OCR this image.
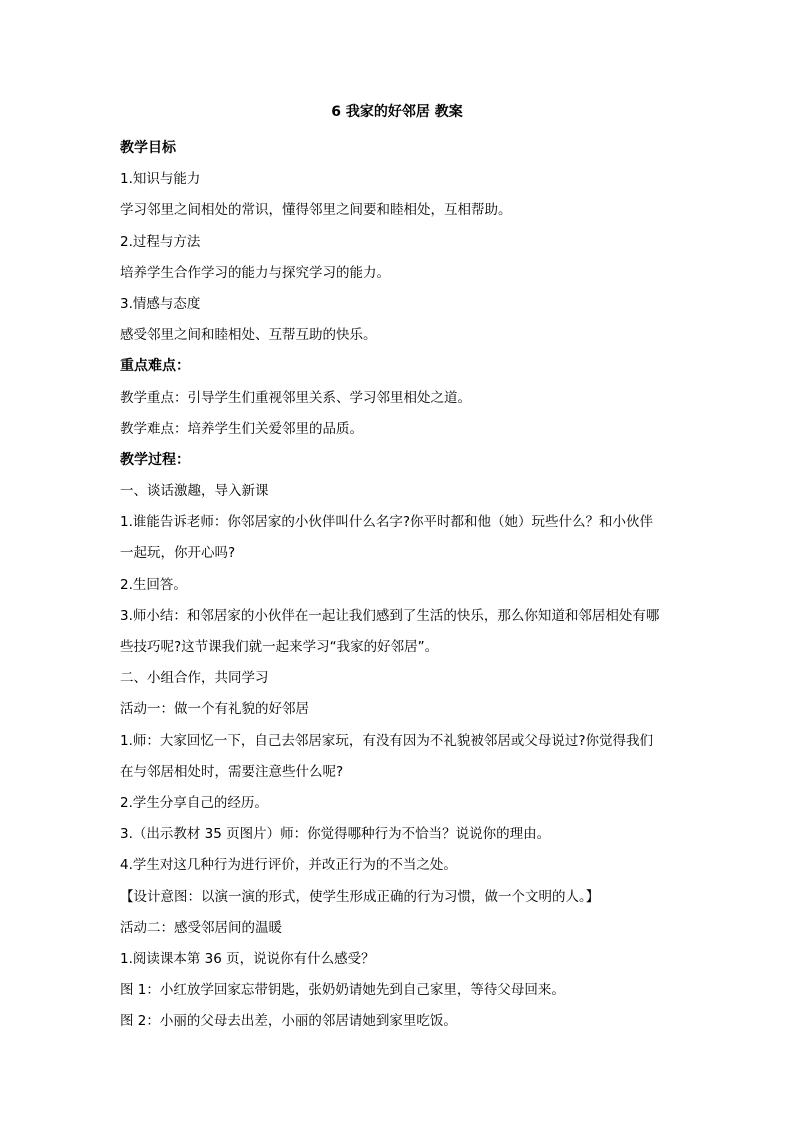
6 我家的好邻居 教案
教学目标
1.知识与能力
学习邻里之间相处的常识，懂得邻里之间要和睦相处，互相帮助。
2.过程与方法
培养学生合作学习的能力与探究学习的能力。
3.情感与态度
感受邻里之间和睦相处、互帮互助的快乐。
重点难点：
教学重点：引导学生们重视邻里关系、学习邻里相处之道。
教学难点：培养学生们关爱邻里的品质。
教学过程：
一、谈话激趣，导入新课
1.谁能告诉老师：你邻居家的小伙伴叫什么名字?你平时都和他（她）玩些什么？和小伙伴
一起玩，你开心吗?
2.生回答。
3.师小结：和邻居家的小伙伴在一起让我们感到了生活的快乐，那么你知道和邻居相处有哪
些技巧呢?这节课我们就一起来学习“我家的好邻居”。
二、小组合作，共同学习
活动一：做一个有礼貌的好邻居
1.师：大家回忆一下，自己去邻居家玩，有没有因为不礼貌被邻居或父母说过?你觉得我们
在与邻居相处时，需要注意些什么呢?
2.学生分享自己的经历。
3.（出示教材 35 页图片）师：你觉得哪种行为不恰当？说说你的理由。
4.学生对这几种行为进行评价，并改正行为的不当之处。
【设计意图：以演一演的形式，使学生形成正确的行为习惯，做一个文明的人。】
活动二：感受邻居间的温暖
1.阅读课本第 36 页，说说你有什么感受？
图 1：小红放学回家忘带钥匙，张奶奶请她先到自己家里，等待父母回来。
图 2：小丽的父母去出差，小丽的邻居请她到家里吃饭。
